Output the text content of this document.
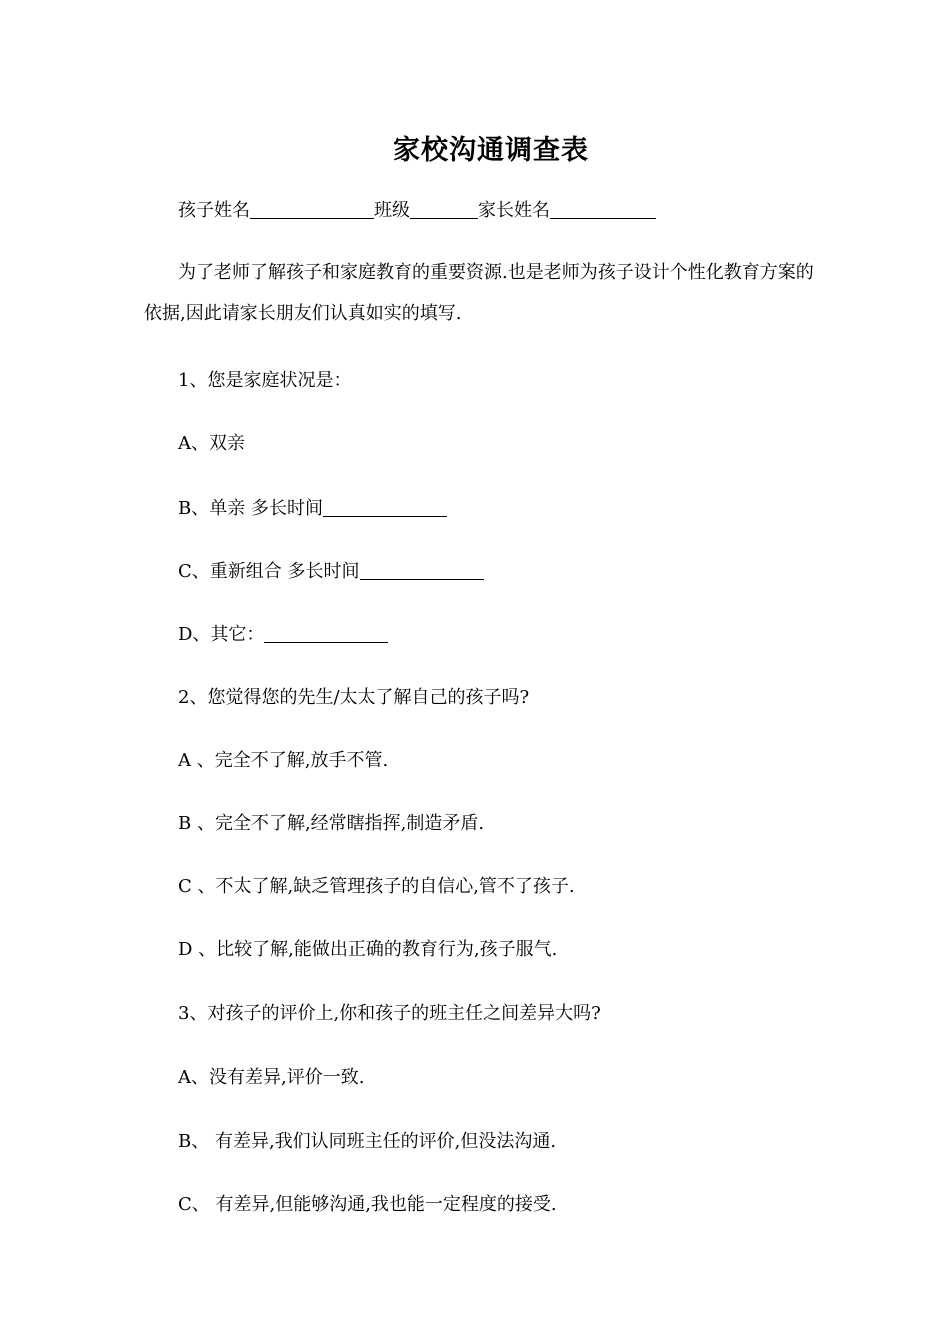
家校沟通调查表
孩子姓名	班级	家长姓名
为了老师了解孩子和家庭教育的重要资源.也是老师为孩子设计个性化教育方案的依据,因此请家长朋友们认真如实的填写.
1、您是家庭状况是：
A、双亲
B、单亲 多长时间
C、重新组合 多长时间
D、其它：
2、您觉得您的先生/太太了解自己的孩子吗?
A 、完全不了解,放手不管.
B 、完全不了解,经常瞎指挥,制造矛盾.
C 、不太了解,缺乏管理孩子的自信心,管不了孩子.
D 、比较了解,能做出正确的教育行为,孩子服气.
3、对孩子的评价上,你和孩子的班主任之间差异大吗?
A、没有差异,评价一致.
B、 有差异,我们认同班主任的评价,但没法沟通.
C、 有差异,但能够沟通,我也能一定程度的接受.
